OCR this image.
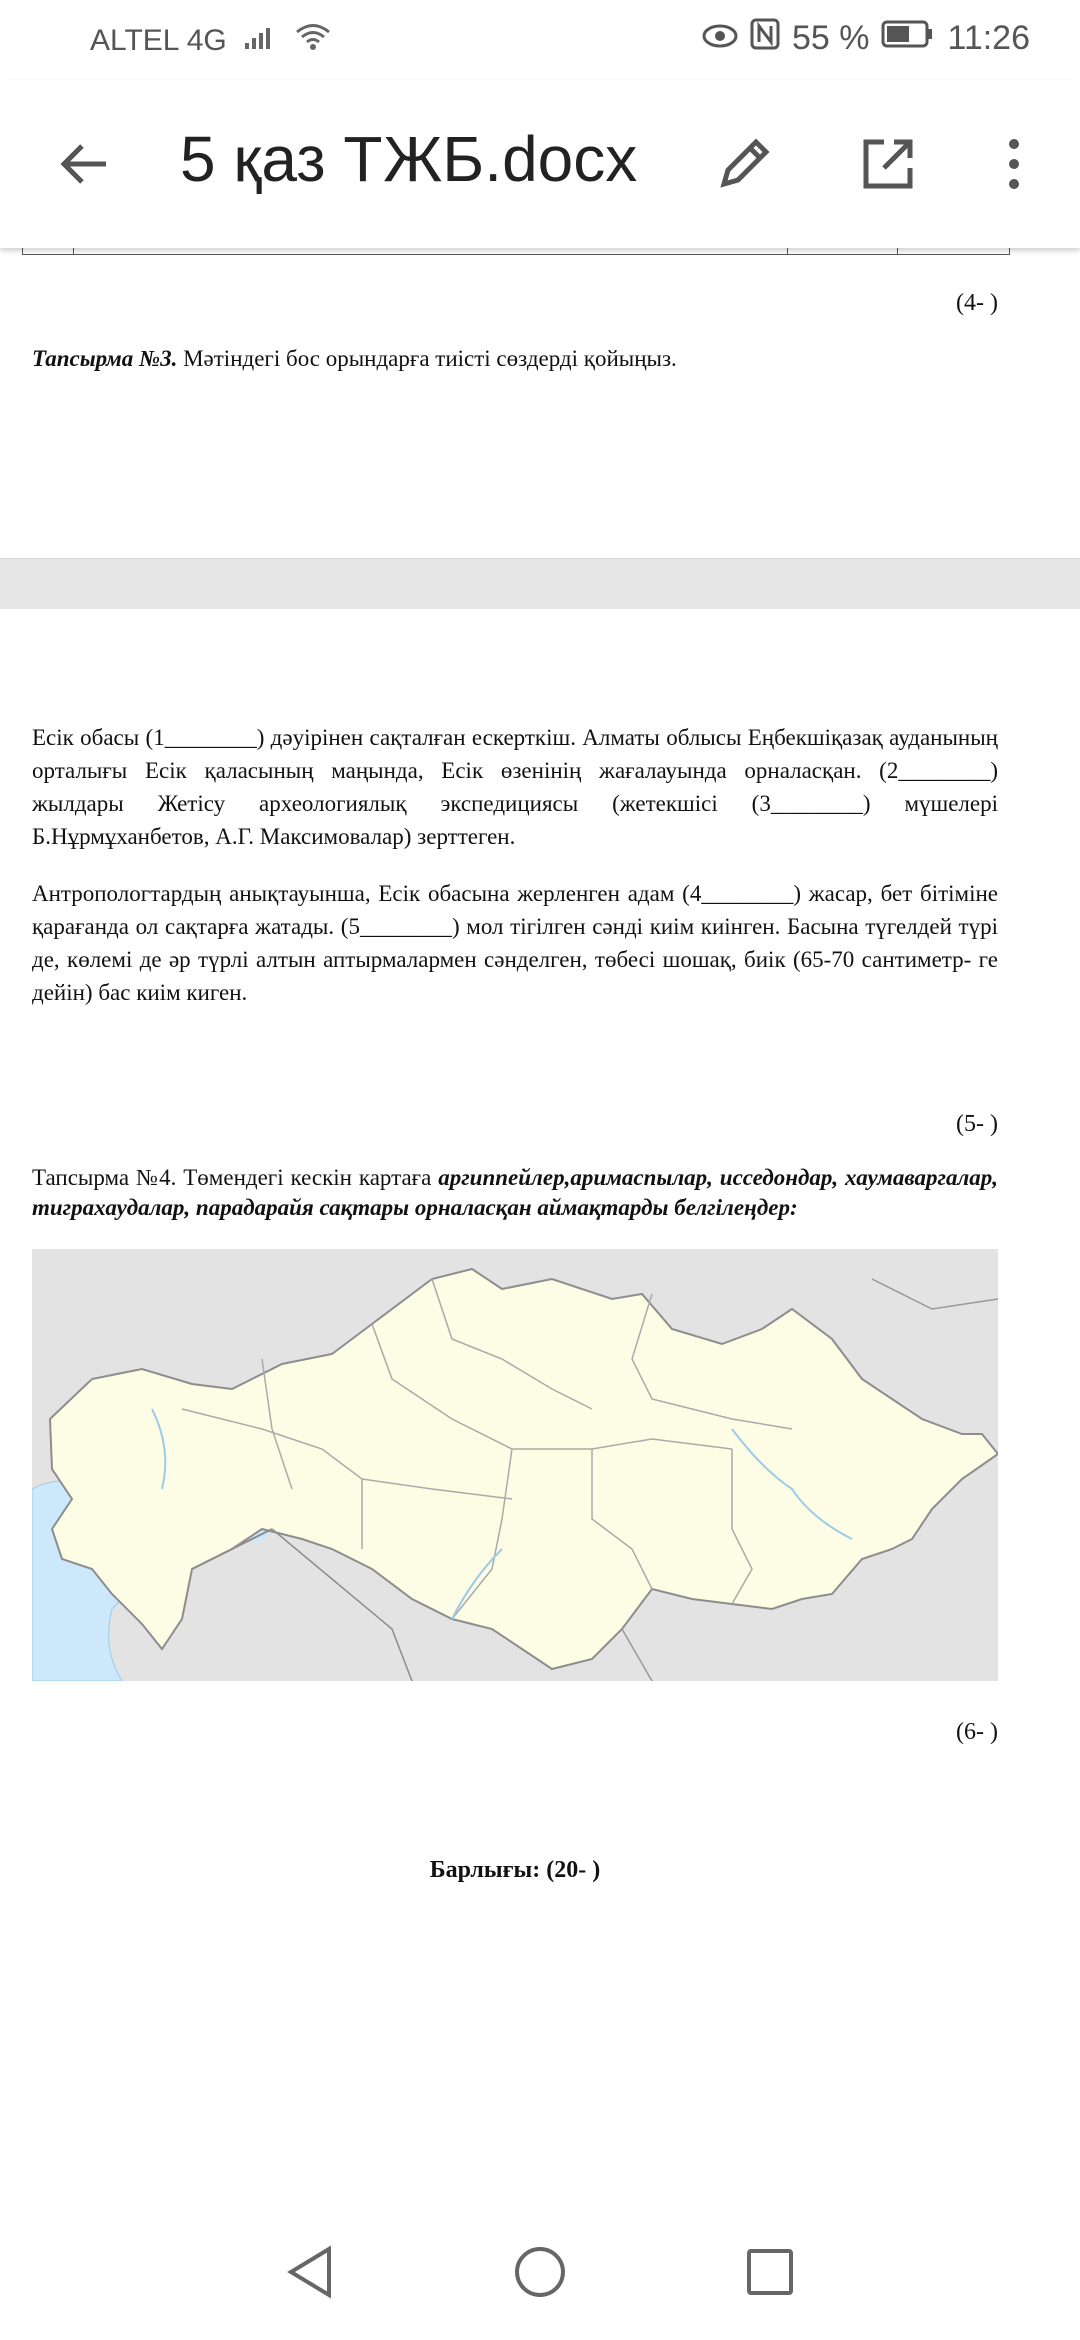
ALTEL 4G	55 % 11:26
5 қаз ТЖБ.docx
(4- )
Тапсырма №3. Мәтіндегі бос орындарға тиісті сөздерді қойыңыз.
Есік обасы (1________) дәуірінен сақталған ескерткіш. Алматы облысы Еңбекшіқазақ ауданының орталығы Есік қаласының маңында, Есік өзенінің жағалауында орналасқан. (2________) жылдары Жетісу археологиялық экспедициясы (жетекшісі (3________) мүшелері Б.Нұрмұханбетов, А.Г. Максимовалар) зерттеген.
Антропологтардың анықтауынша, Есік обасына жерленген адам (4________) жасар, бет бітіміне қарағанда ол сақтарға жатады. (5________) мол тігілген сәнді киім киінген. Басына түгелдей түрі де, көлемі де әр түрлі алтын аптырмалармен сәнделген, төбесі шошақ, биік (65-70 сантиметр- ге дейін) бас киім киген.
(5- )
Тапсырма №4. Төмендегі кескін картаға аргиппейлер,аримаспылар, исседондар, хаумаваргалар, тиграхаудалар, парадарайя сақтары орналасқан аймақтарды белгілеңдер:
(6- )
Барлығы: (20- )
